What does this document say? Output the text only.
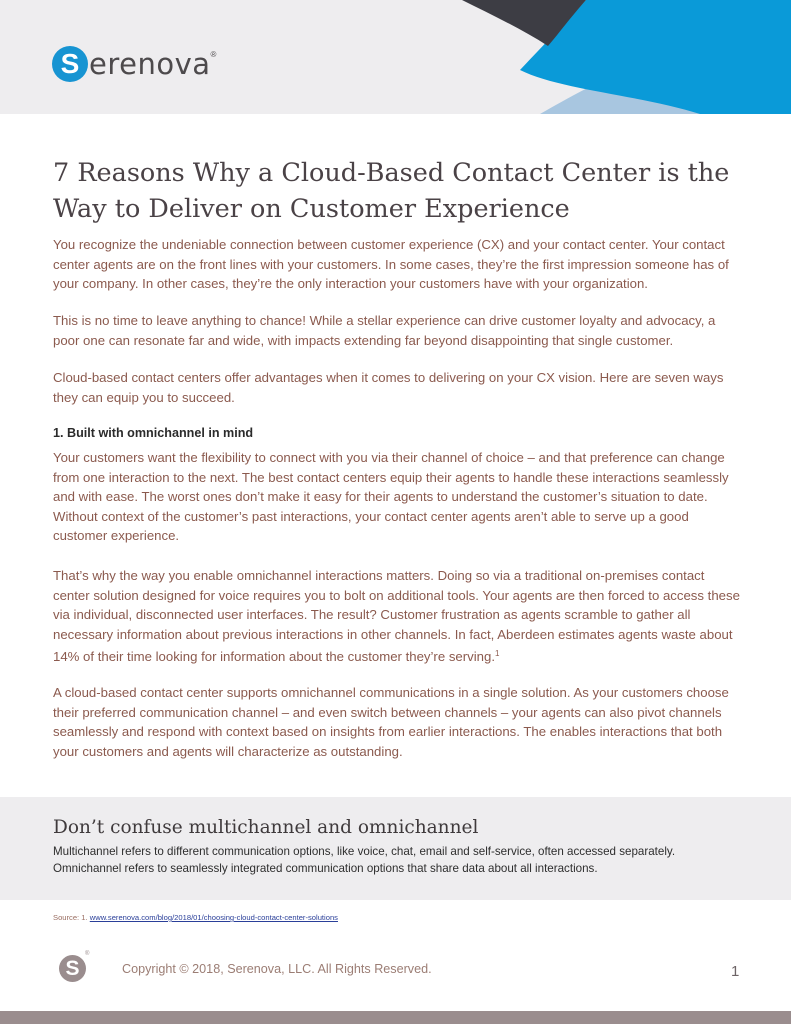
S erenova ®
7 Reasons Why a Cloud-Based Contact Center is the Way to Deliver on Customer Experience

You recognize the undeniable connection between customer experience (CX) and your contact center. Your contact center agents are on the front lines with your customers. In some cases, they’re the first impression someone has of your company. In other cases, they’re the only interaction your customers have with your organization.

This is no time to leave anything to chance! While a stellar experience can drive customer loyalty and advocacy, a poor one can resonate far and wide, with impacts extending far beyond disappointing that single customer.

Cloud-based contact centers offer advantages when it comes to delivering on your CX vision. Here are seven ways they can equip you to succeed.

1. Built with omnichannel in mind

Your customers want the flexibility to connect with you via their channel of choice – and that preference can change from one interaction to the next. The best contact centers equip their agents to handle these interactions seamlessly and with ease. The worst ones don’t make it easy for their agents to understand the customer’s situation to date. Without context of the customer’s past interactions, your contact center agents aren’t able to serve up a good customer experience.

That’s why the way you enable omnichannel interactions matters. Doing so via a traditional on-premises contact center solution designed for voice requires you to bolt on additional tools. Your agents are then forced to access these via individual, disconnected user interfaces. The result? Customer frustration as agents scramble to gather all necessary information about previous interactions in other channels. In fact, Aberdeen estimates agents waste about 14% of their time looking for information about the customer they’re serving.$^1$

A cloud-based contact center supports omnichannel communications in a single solution. As your customers choose their preferred communication channel – and even switch between channels – your agents can also pivot channels seamlessly and respond with context based on insights from earlier interactions. The enables interactions that both your customers and agents will characterize as outstanding.

Don’t confuse multichannel and omnichannel

Multichannel refers to different communication options, like voice, chat, email and self-service, often accessed separately.
Omnichannel refers to seamlessly integrated communication options that share data about all interactions.

Source: 1. www.serenova.com/blog/2018/01/choosing-cloud-contact-center-solutions
S
®
Copyright © 2018, Serenova, LLC. All Rights Reserved.	1
